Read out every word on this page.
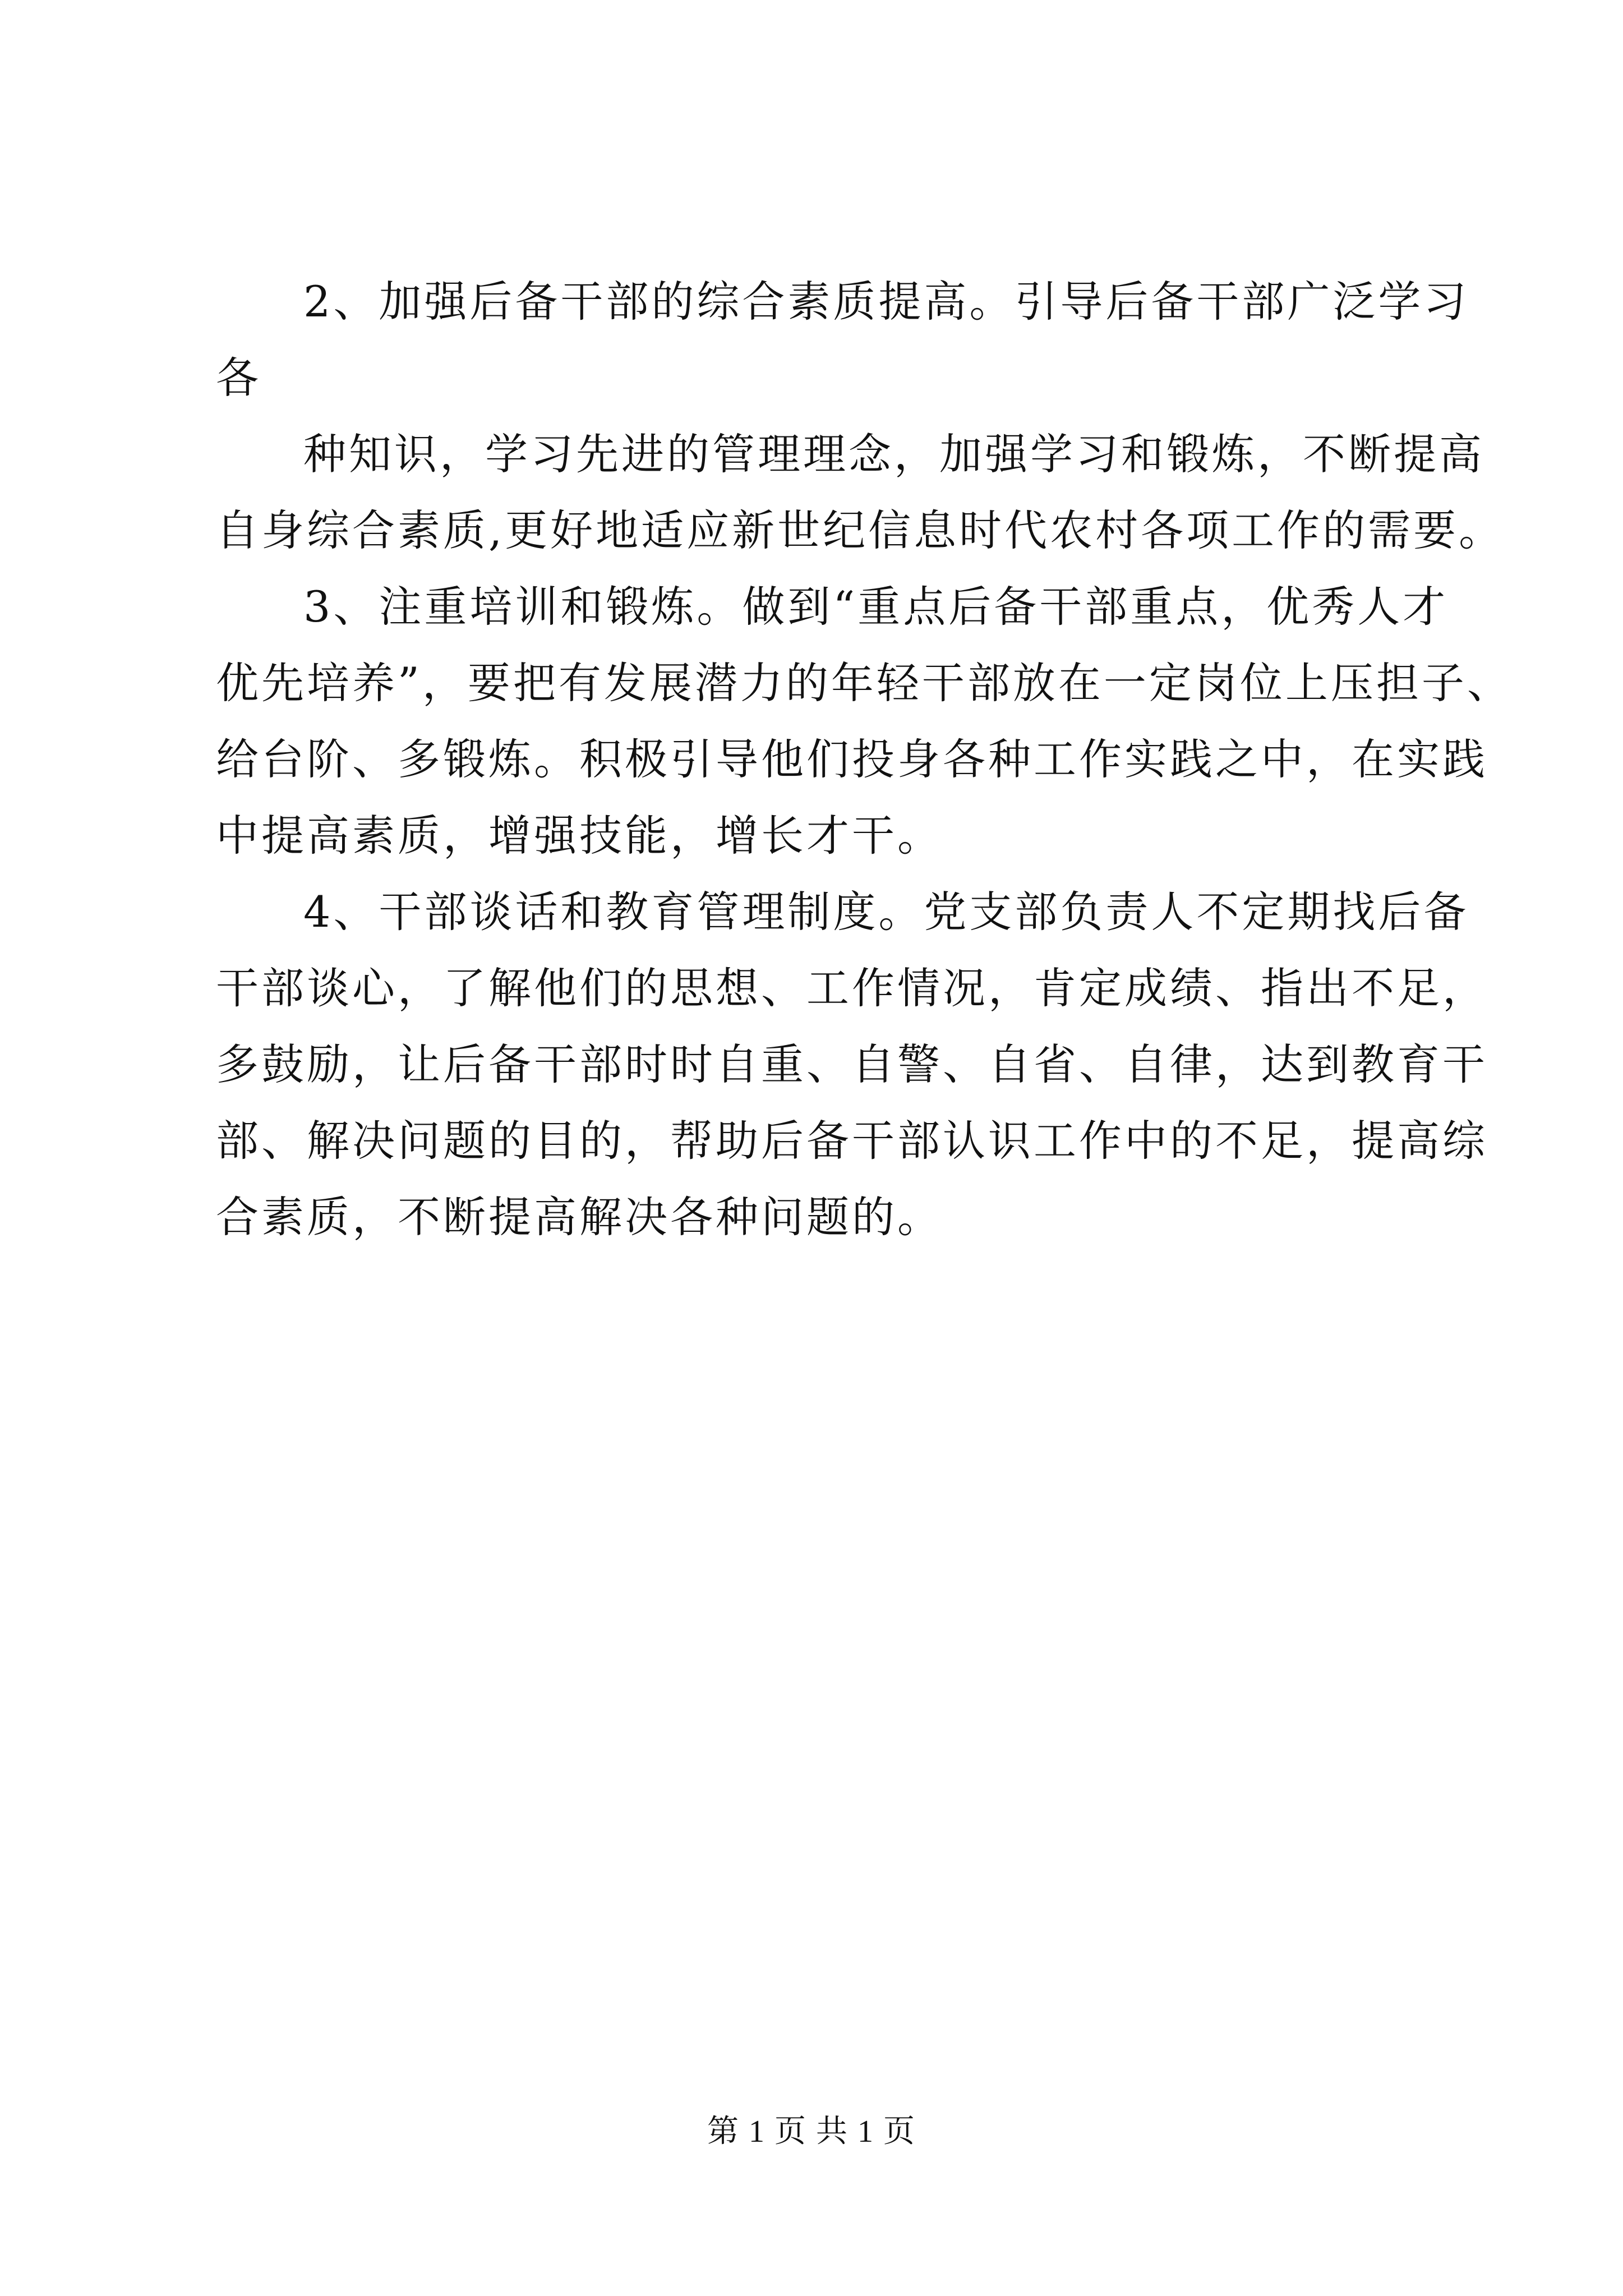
2、加强后备干部的综合素质提高。引导后备干部广泛学习
各
种知识，学习先进的管理理念，加强学习和锻炼，不断提高
自身综合素质,更好地适应新世纪信息时代农村各项工作的需要。
3、注重培训和锻炼。做到“重点后备干部重点，优秀人才
优先培养”，要把有发展潜力的年轻干部放在一定岗位上压担子、
给台阶、多锻炼。积极引导他们投身各种工作实践之中，在实践
中提高素质，增强技能，增长才干。
4、干部谈话和教育管理制度。党支部负责人不定期找后备
干部谈心，了解他们的思想、工作情况，肯定成绩、指出不足，
多鼓励，让后备干部时时自重、自警、自省、自律，达到教育干
部、解决问题的目的，帮助后备干部认识工作中的不足，提高综
合素质，不断提高解决各种问题的。
第 1 页 共 1 页
